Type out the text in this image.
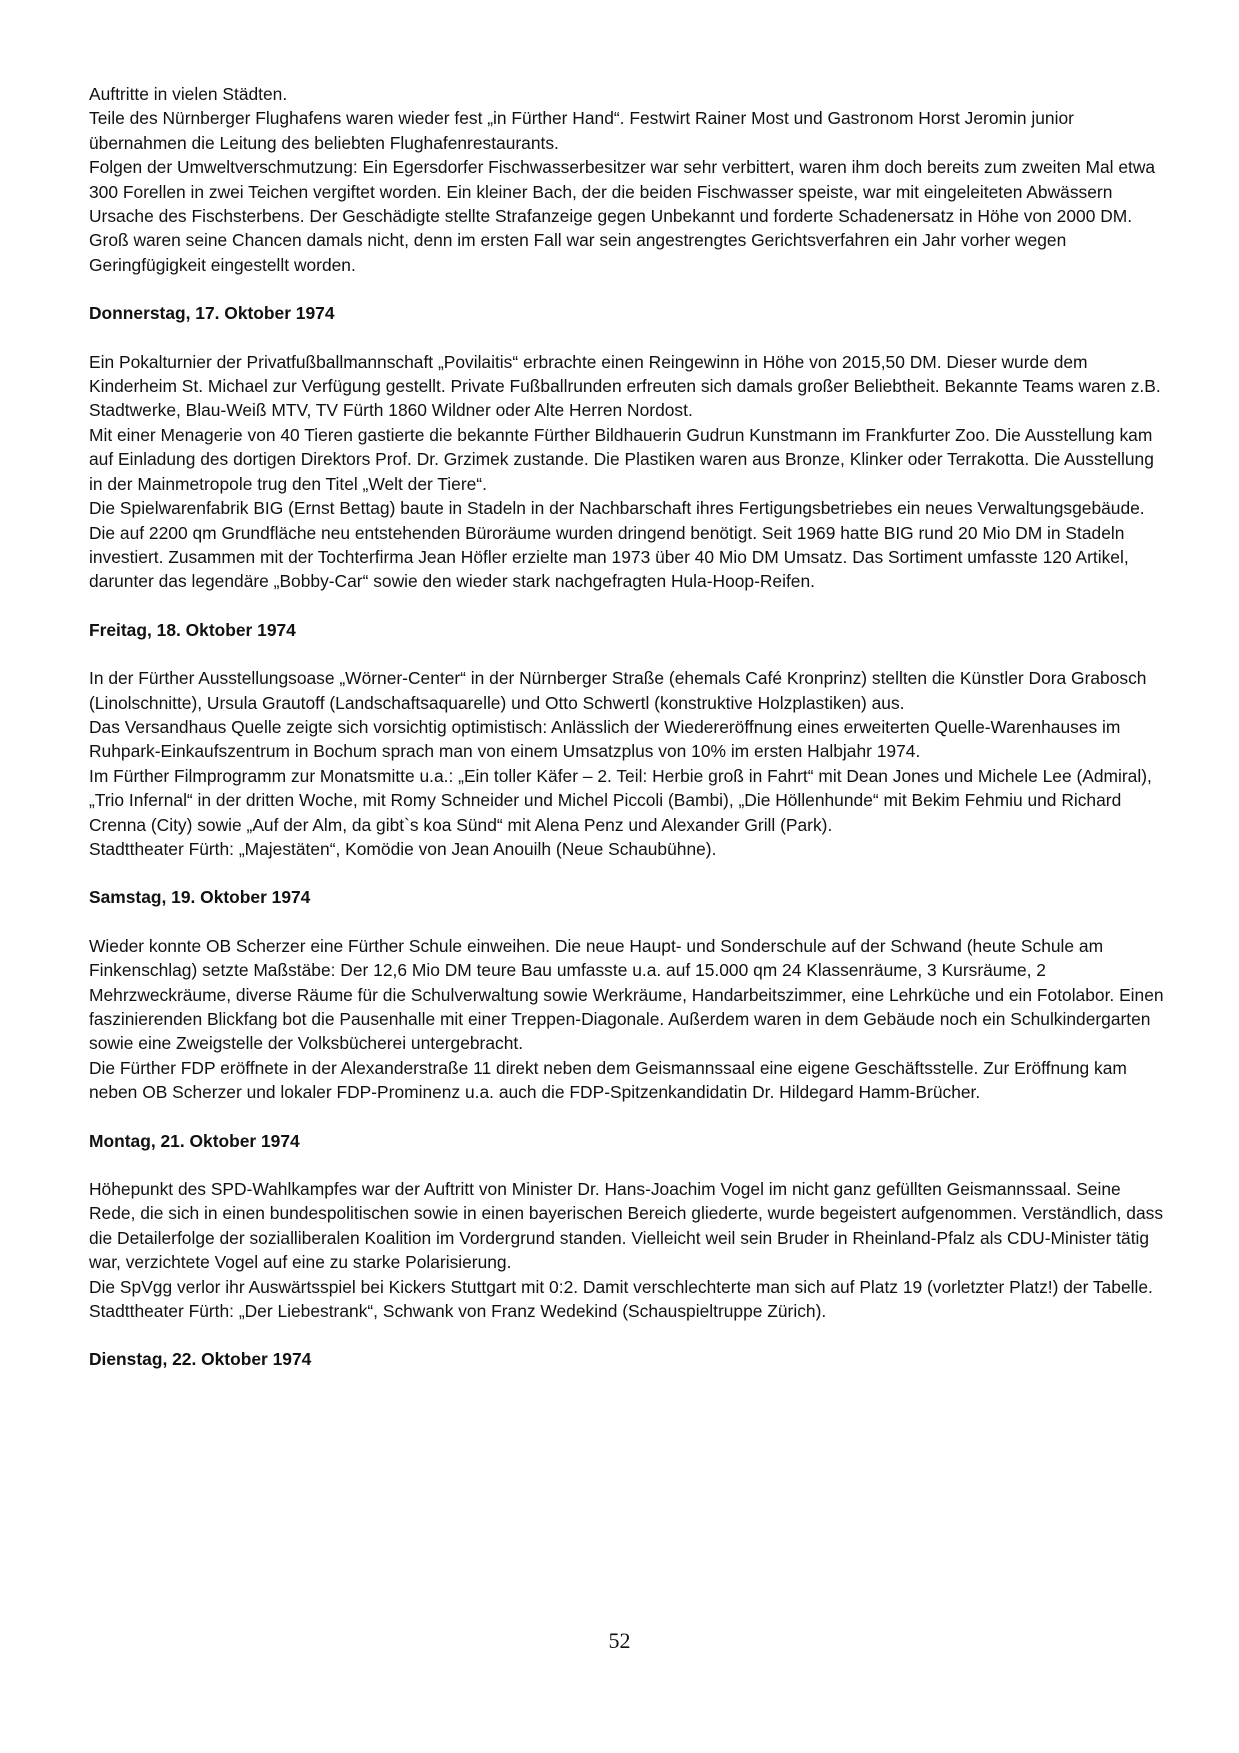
Auftritte in vielen Städten.

Teile des Nürnberger Flughafens waren wieder fest „in Fürther Hand“. Festwirt Rainer Most und Gastronom Horst Jeromin junior übernahmen die Leitung des beliebten Flughafenrestaurants.

Folgen der Umweltverschmutzung: Ein Egersdorfer Fischwasserbesitzer war sehr verbittert, waren ihm doch bereits zum zweiten Mal etwa 300 Forellen in zwei Teichen vergiftet worden. Ein kleiner Bach, der die beiden Fischwasser speiste, war mit eingeleiteten Abwässern Ursache des Fischsterbens. Der Geschädigte stellte Strafanzeige gegen Unbekannt und forderte Schadenersatz in Höhe von 2000 DM. Groß waren seine Chancen damals nicht, denn im ersten Fall war sein angestrengtes Gerichtsverfahren ein Jahr vorher wegen Geringfügigkeit eingestellt worden.

Donnerstag, 17. Oktober 1974

Ein Pokalturnier der Privatfußballmannschaft „Povilaitis“ erbrachte einen Reingewinn in Höhe von 2015,50 DM. Dieser wurde dem Kinderheim St. Michael zur Verfügung gestellt. Private Fußballrunden erfreuten sich damals großer Beliebtheit. Bekannte Teams waren z.B. Stadtwerke, Blau-Weiß MTV, TV Fürth 1860 Wildner oder Alte Herren Nordost.

Mit einer Menagerie von 40 Tieren gastierte die bekannte Fürther Bildhauerin Gudrun Kunstmann im Frankfurter Zoo. Die Ausstellung kam auf Einladung des dortigen Direktors Prof. Dr. Grzimek zustande. Die Plastiken waren aus Bronze, Klinker oder Terrakotta. Die Ausstellung in der Mainmetropole trug den Titel „Welt der Tiere“.

Die Spielwarenfabrik BIG (Ernst Bettag) baute in Stadeln in der Nachbarschaft ihres Fertigungsbetriebes ein neues Verwaltungsgebäude. Die auf 2200 qm Grundfläche neu entstehenden Büroräume wurden dringend benötigt. Seit 1969 hatte BIG rund 20 Mio DM in Stadeln investiert. Zusammen mit der Tochterfirma Jean Höfler erzielte man 1973 über 40 Mio DM Umsatz. Das Sortiment umfasste 120 Artikel, darunter das legendäre „Bobby-Car“ sowie den wieder stark nachgefragten Hula-Hoop-Reifen.

Freitag, 18. Oktober 1974

In der Fürther Ausstellungsoase „Wörner-Center“ in der Nürnberger Straße (ehemals Café Kronprinz) stellten die Künstler Dora Grabosch (Linolschnitte), Ursula Grautoff (Landschaftsaquarelle) und Otto Schwertl (konstruktive Holzplastiken) aus.

Das Versandhaus Quelle zeigte sich vorsichtig optimistisch: Anlässlich der Wiedereröffnung eines erweiterten Quelle-Warenhauses im Ruhpark-Einkaufszentrum in Bochum sprach man von einem Umsatzplus von 10% im ersten Halbjahr 1974.

Im Fürther Filmprogramm zur Monatsmitte u.a.: „Ein toller Käfer – 2. Teil: Herbie groß in Fahrt“ mit Dean Jones und Michele Lee (Admiral), „Trio Infernal“ in der dritten Woche, mit Romy Schneider und Michel Piccoli (Bambi), „Die Höllenhunde“ mit Bekim Fehmiu und Richard Crenna (City) sowie „Auf der Alm, da gibt`s koa Sünd“ mit Alena Penz und Alexander Grill (Park).

Stadttheater Fürth: „Majestäten“, Komödie von Jean Anouilh (Neue Schaubühne).

Samstag, 19. Oktober 1974

Wieder konnte OB Scherzer eine Fürther Schule einweihen. Die neue Haupt- und Sonderschule auf der Schwand (heute Schule am Finkenschlag) setzte Maßstäbe: Der 12,6 Mio DM teure Bau umfasste u.a. auf 15.000 qm 24 Klassenräume, 3 Kursräume, 2 Mehrzweckräume, diverse Räume für die Schulverwaltung sowie Werkräume, Handarbeitszimmer, eine Lehrküche und ein Fotolabor. Einen faszinierenden Blickfang bot die Pausenhalle mit einer Treppen-Diagonale. Außerdem waren in dem Gebäude noch ein Schulkindergarten sowie eine Zweigstelle der Volksbücherei untergebracht.

Die Fürther FDP eröffnete in der Alexanderstraße 11 direkt neben dem Geismannssaal eine eigene Geschäftsstelle. Zur Eröffnung kam neben OB Scherzer und lokaler FDP-Prominenz u.a. auch die FDP-Spitzenkandidatin Dr. Hildegard Hamm-Brücher.

Montag, 21. Oktober 1974

Höhepunkt des SPD-Wahlkampfes war der Auftritt von Minister Dr. Hans-Joachim Vogel im nicht ganz gefüllten Geismannssaal. Seine Rede, die sich in einen bundespolitischen sowie in einen bayerischen Bereich gliederte, wurde begeistert aufgenommen. Verständlich, dass die Detailerfolge der sozialliberalen Koalition im Vordergrund standen. Vielleicht weil sein Bruder in Rheinland-Pfalz als CDU-Minister tätig war, verzichtete Vogel auf eine zu starke Polarisierung.

Die SpVgg verlor ihr Auswärtsspiel bei Kickers Stuttgart mit 0:2. Damit verschlechterte man sich auf Platz 19 (vorletzter Platz!) der Tabelle.

Stadttheater Fürth: „Der Liebestrank“, Schwank von Franz Wedekind (Schauspieltruppe Zürich).

Dienstag, 22. Oktober 1974

52
